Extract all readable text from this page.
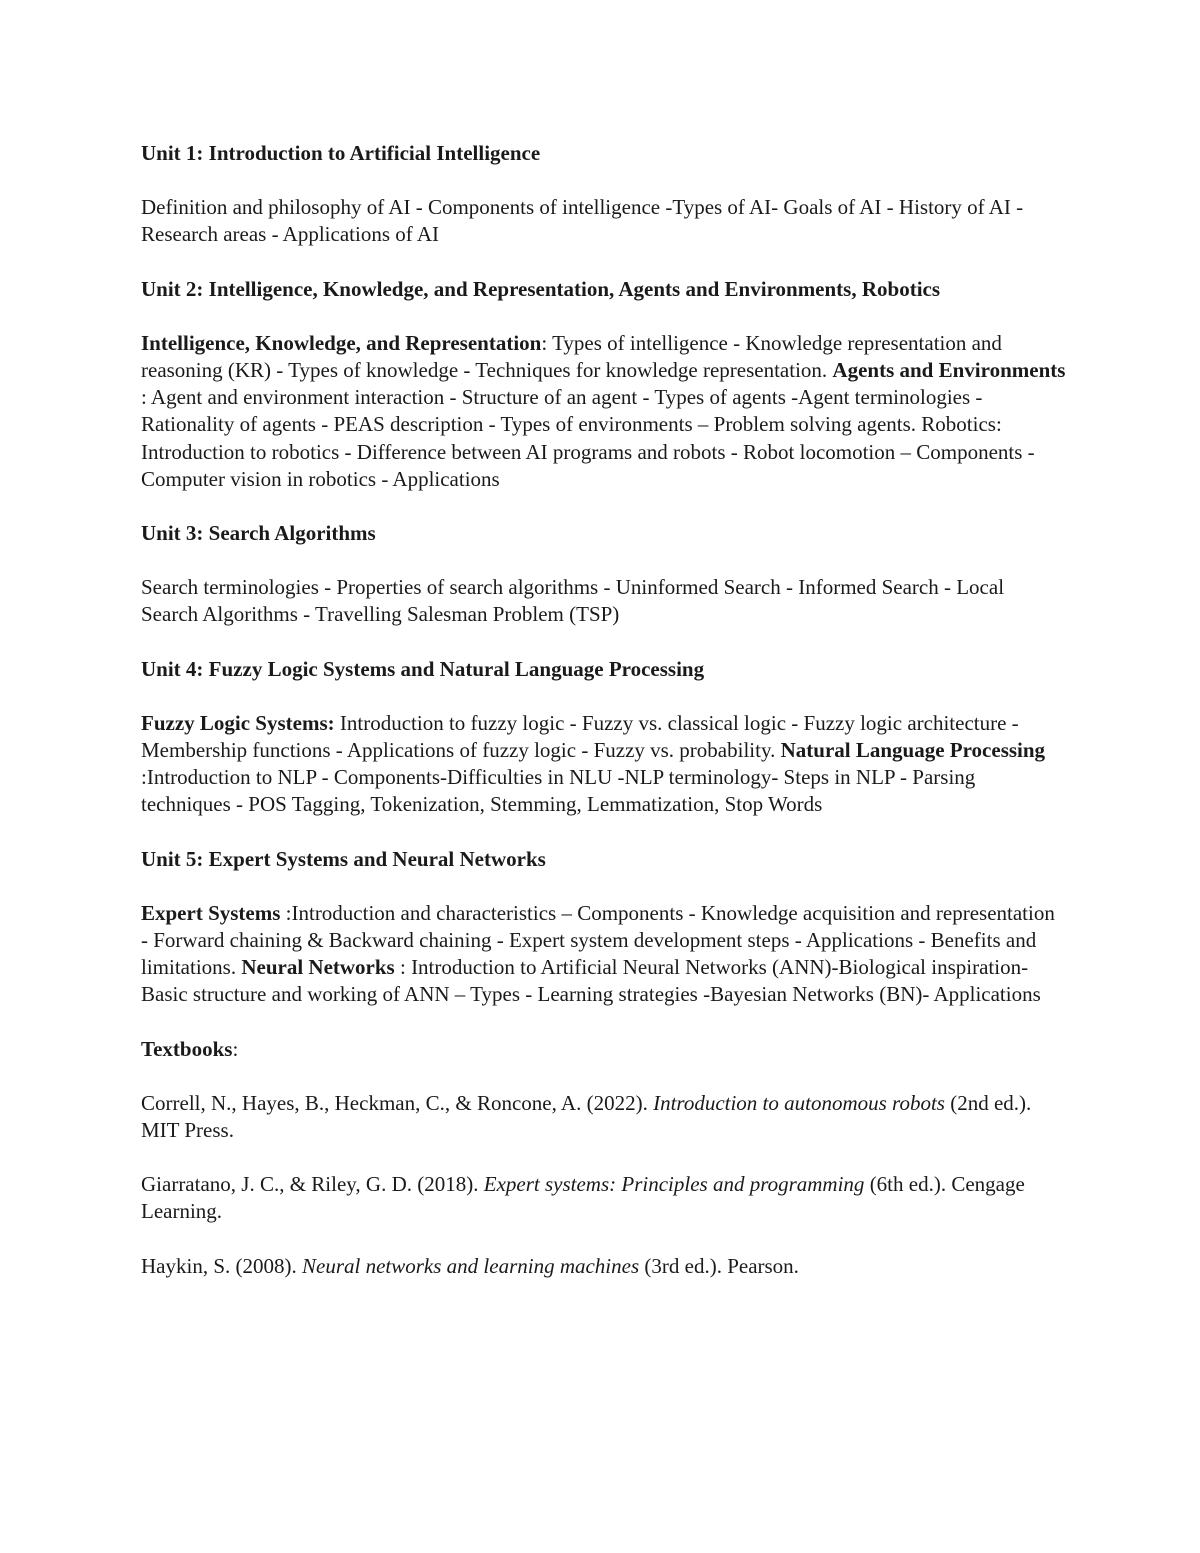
Unit 1: Introduction to Artificial Intelligence
Definition and philosophy of AI - Components of intelligence -Types of AI- Goals of AI - History of AI - Research areas - Applications of AI
Unit 2: Intelligence, Knowledge, and Representation, Agents and Environments, Robotics
Intelligence, Knowledge, and Representation: Types of intelligence - Knowledge representation and reasoning (KR) - Types of knowledge - Techniques for knowledge representation. Agents and Environments : Agent and environment interaction - Structure of an agent - Types of agents -Agent terminologies - Rationality of agents - PEAS description - Types of environments – Problem solving agents. Robotics: Introduction to robotics - Difference between AI programs and robots - Robot locomotion – Components - Computer vision in robotics - Applications
Unit 3: Search Algorithms
Search terminologies - Properties of search algorithms - Uninformed Search - Informed Search - Local Search Algorithms - Travelling Salesman Problem (TSP)
Unit 4: Fuzzy Logic Systems and Natural Language Processing
Fuzzy Logic Systems: Introduction to fuzzy logic - Fuzzy vs. classical logic - Fuzzy logic architecture - Membership functions - Applications of fuzzy logic - Fuzzy vs. probability. Natural Language Processing :Introduction to NLP - Components-Difficulties in NLU -NLP terminology- Steps in NLP - Parsing techniques - POS Tagging, Tokenization, Stemming, Lemmatization, Stop Words
Unit 5: Expert Systems and Neural Networks
Expert Systems :Introduction and characteristics – Components - Knowledge acquisition and representation - Forward chaining & Backward chaining - Expert system development steps - Applications - Benefits and limitations. Neural Networks : Introduction to Artificial Neural Networks (ANN)-Biological inspiration-Basic structure and working of ANN – Types - Learning strategies -Bayesian Networks (BN)- Applications
Textbooks:
Correll, N., Hayes, B., Heckman, C., & Roncone, A. (2022). Introduction to autonomous robots (2nd ed.). MIT Press.
Giarratano, J. C., & Riley, G. D. (2018). Expert systems: Principles and programming (6th ed.). Cengage Learning.
Haykin, S. (2008). Neural networks and learning machines (3rd ed.). Pearson.
